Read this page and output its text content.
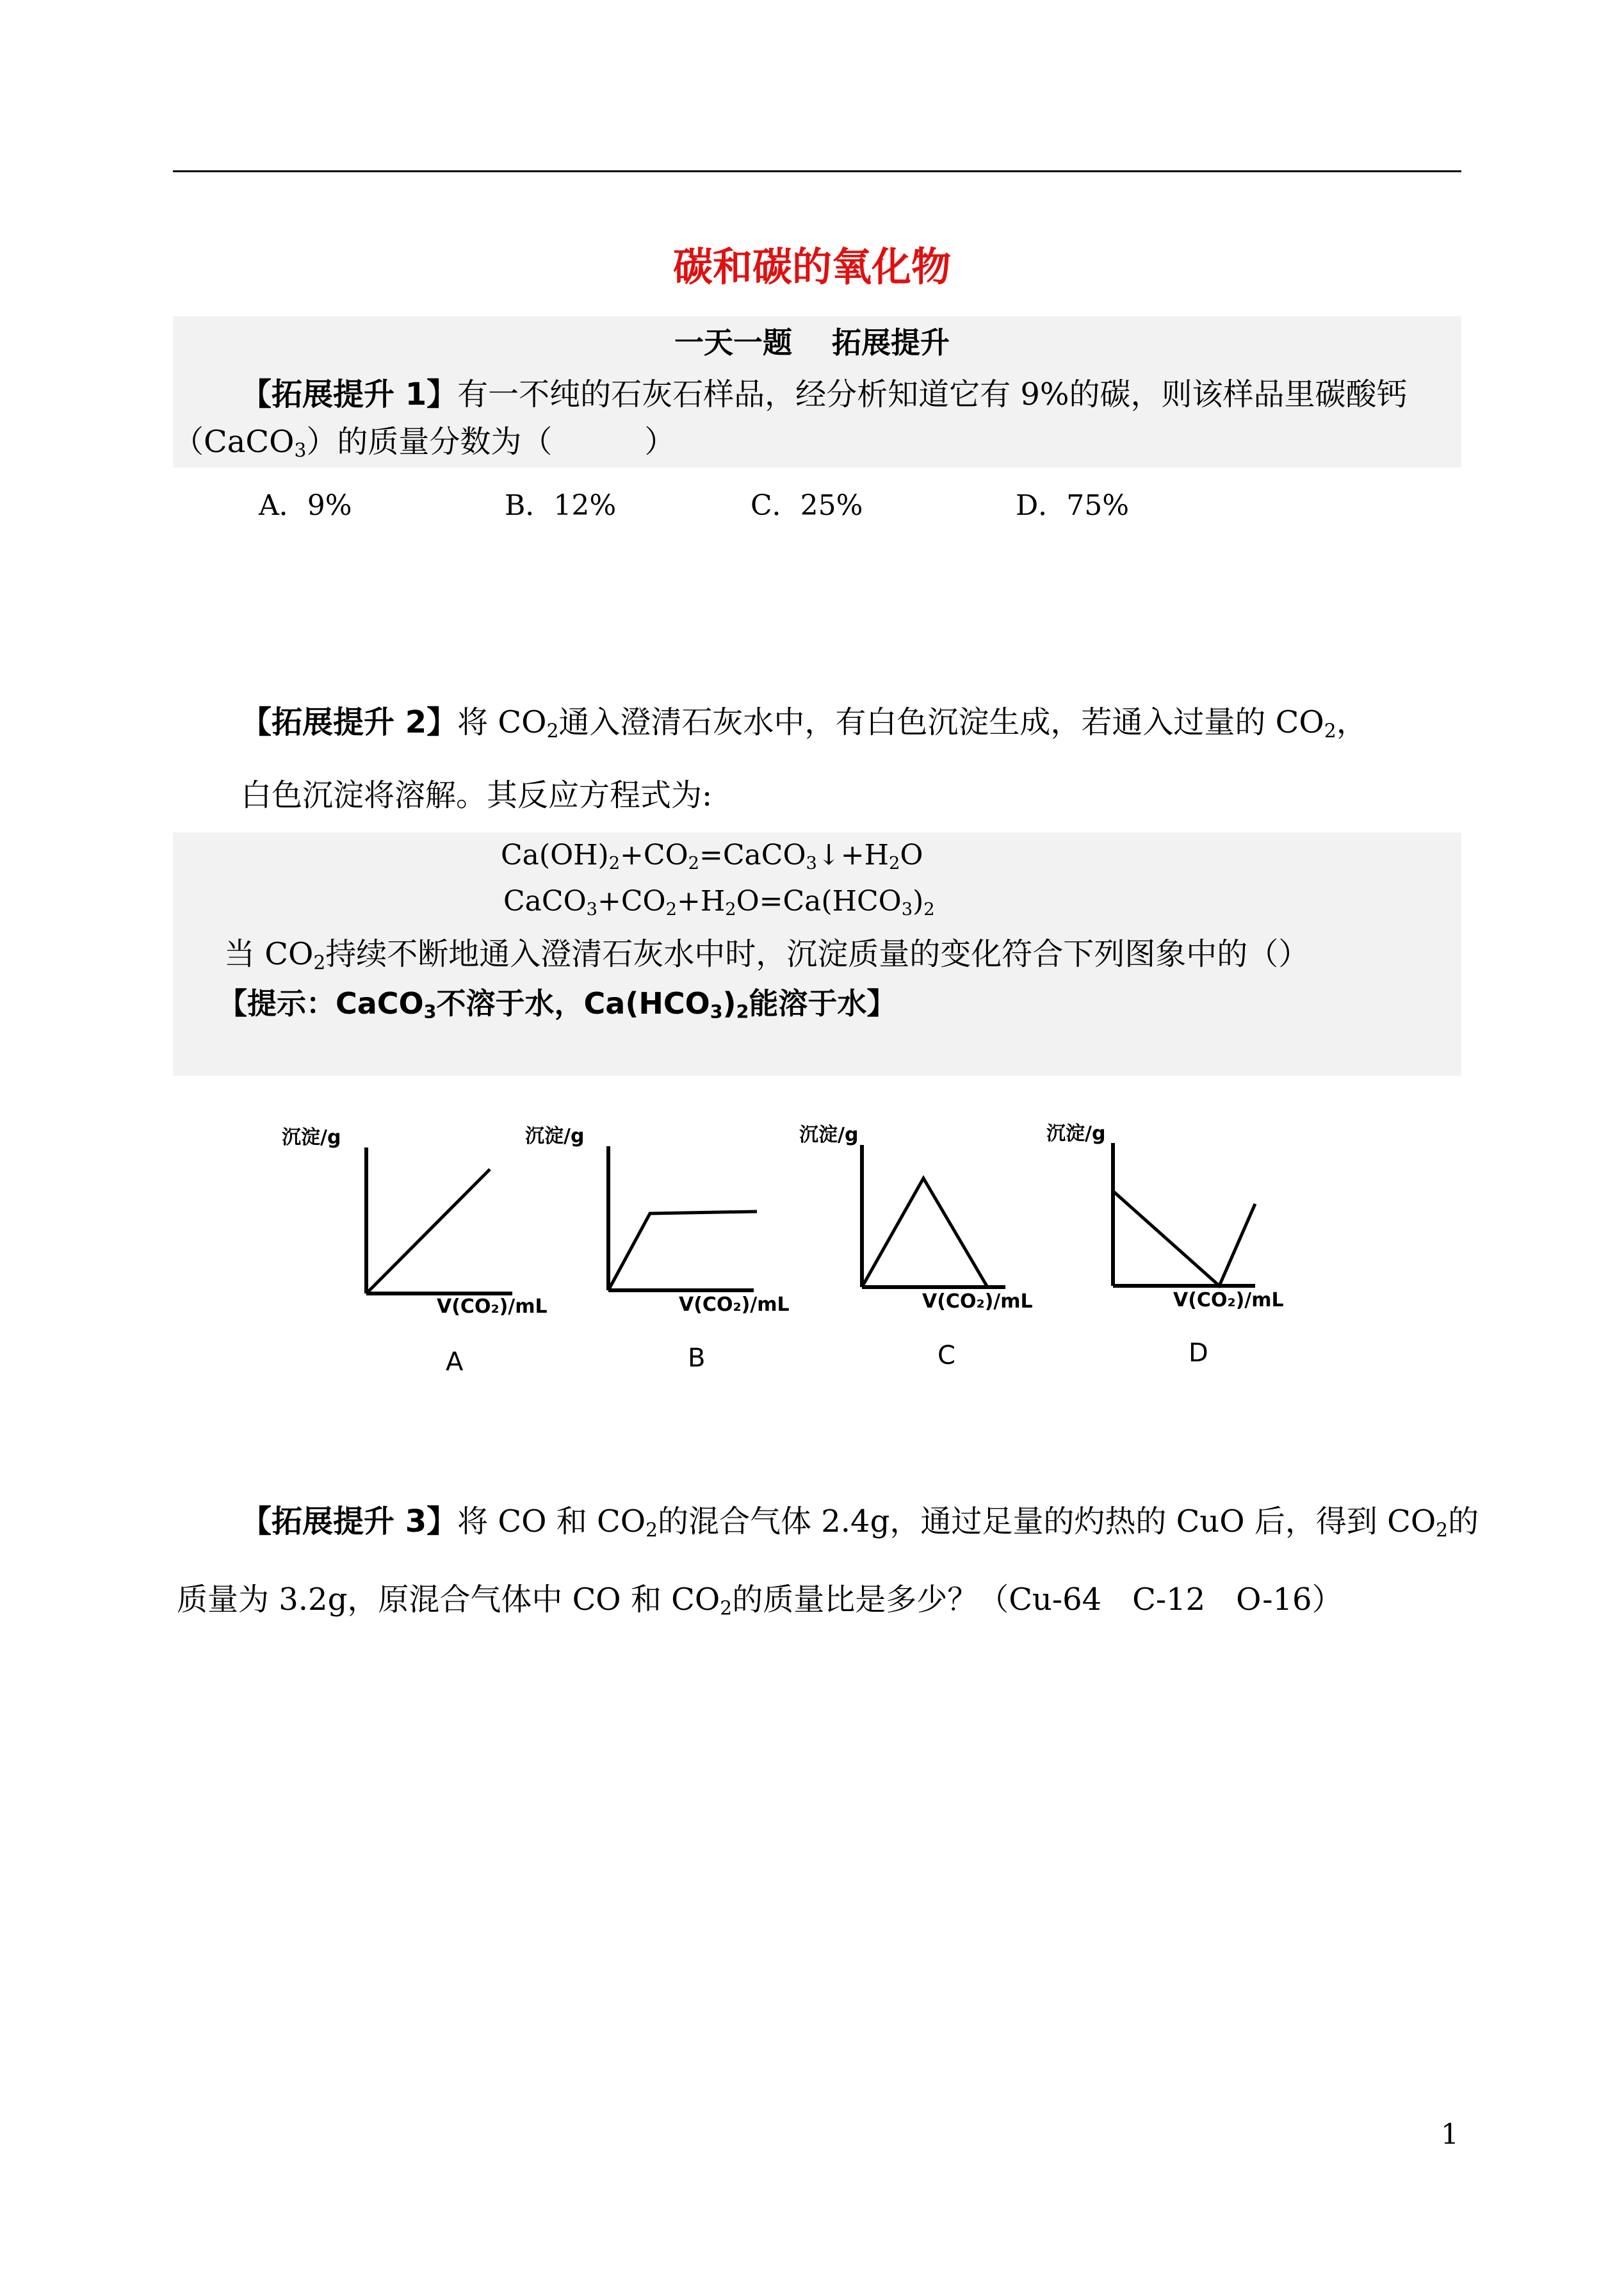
碳和碳的氧化物
一天一题　 拓展提升
【拓展提升 1】有一不纯的石灰石样品，经分析知道它有 9%的碳，则该样品里碳酸钙
（CaCO$_3$）的质量分数为（　　　）
A．9%	B．12%	C．25%	D．75%
【拓展提升 2】将 $CO_2$通入澄清石灰水中，有白色沉淀生成，若通入过量的 $CO_2$，
白色沉淀将溶解。其反应方程式为:
$Ca(OH)_2+CO_2=CaCO_3↓+H_2O$
$CaCO_3+CO_2+H_2O=Ca(HCO_3)_2$
当 $CO_2$持续不断地通入澄清石灰水中时，沉淀质量的变化符合下列图象中的（）
【提示：CaCO$_3$不溶于水，$Ca(HCO_3)_2$能溶于水】
沉淀/g
V(CO₂)/mL
沉淀/g
V(CO₂)/mL
沉淀/g
V(CO₂)/mL
沉淀/g
V(CO₂)/mL
A	B	C	D
【拓展提升 3】将 CO 和 $CO_2$的混合气体 2.4g，通过足量的灼热的 CuO 后，得到 $CO_2$的
质量为 3.2g，原混合气体中 CO 和 $CO_2$的质量比是多少？（Cu-64　C-12　O-16）
1
